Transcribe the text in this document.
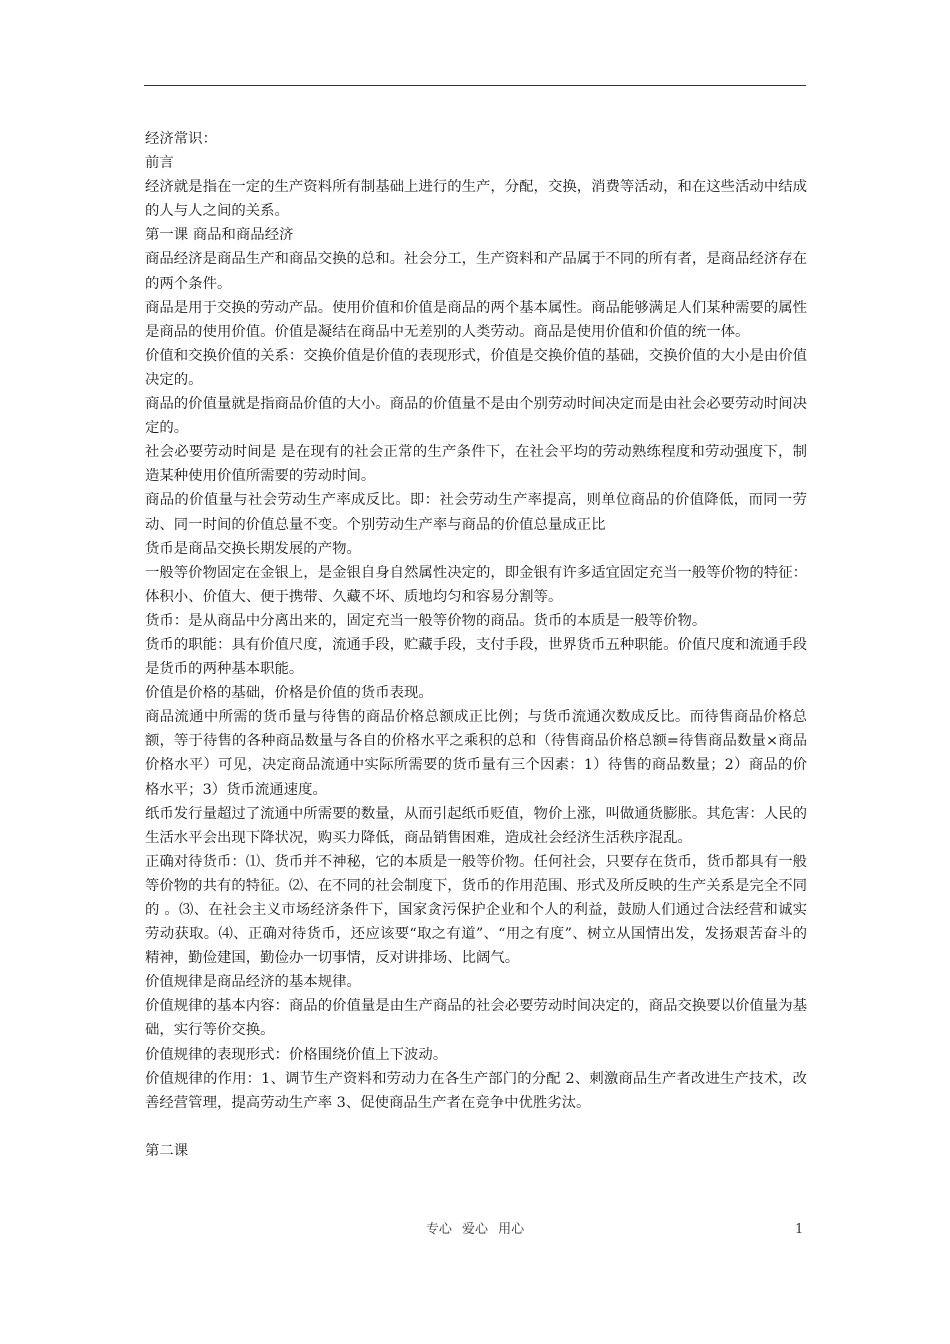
经济常识：

前言

经济就是指在一定的生产资料所有制基础上进行的生产，分配，交换，消费等活动，和在这些活动中结成的人与人之间的关系。

第一课 商品和商品经济

商品经济是商品生产和商品交换的总和。社会分工，生产资料和产品属于不同的所有者，是商品经济存在的两个条件。

商品是用于交换的劳动产品。使用价值和价值是商品的两个基本属性。商品能够满足人们某种需要的属性是商品的使用价值。价值是凝结在商品中无差别的人类劳动。商品是使用价值和价值的统一体。

价值和交换价值的关系：交换价值是价值的表现形式，价值是交换价值的基础，交换价值的大小是由价值决定的。

商品的价值量就是指商品价值的大小。商品的价值量不是由个别劳动时间决定而是由社会必要劳动时间决定的。

社会必要劳动时间是 是在现有的社会正常的生产条件下，在社会平均的劳动熟练程度和劳动强度下，制造某种使用价值所需要的劳动时间。

商品的价值量与社会劳动生产率成反比。即：社会劳动生产率提高，则单位商品的价值降低，而同一劳动、同一时间的价值总量不变。个别劳动生产率与商品的价值总量成正比

货币是商品交换长期发展的产物。

一般等价物固定在金银上，是金银自身自然属性决定的，即金银有许多适宜固定充当一般等价物的特征：体积小、价值大、便于携带、久藏不坏、质地均匀和容易分割等。

货币：是从商品中分离出来的，固定充当一般等价物的商品。货币的本质是一般等价物。

货币的职能：具有价值尺度，流通手段，贮藏手段，支付手段，世界货币五种职能。价值尺度和流通手段是货币的两种基本职能。

价值是价格的基础，价格是价值的货币表现。

商品流通中所需的货币量与待售的商品价格总额成正比例；与货币流通次数成反比。而待售商品价格总额，等于待售的各种商品数量与各自的价格水平之乘积的总和（待售商品价格总额=待售商品数量×商品价格水平）可见，决定商品流通中实际所需要的货币量有三个因素：1）待售的商品数量；2）商品的价格水平；3）货币流通速度。

纸币发行量超过了流通中所需要的数量，从而引起纸币贬值，物价上涨，叫做通货膨胀。其危害：人民的生活水平会出现下降状况，购买力降低，商品销售困难，造成社会经济生活秩序混乱。

正确对待货币：⑴、货币并不神秘，它的本质是一般等价物。任何社会，只要存在货币，货币都具有一般等价物的共有的特征。⑵、在不同的社会制度下，货币的作用范围、形式及所反映的生产关系是完全不同的 。⑶、在社会主义市场经济条件下，国家贪污保护企业和个人的利益，鼓励人们通过合法经营和诚实劳动获取。⑷、正确对待货币，还应该要“取之有道”、“用之有度”、树立从国情出发，发扬艰苦奋斗的精神，勤俭建国，勤俭办一切事情，反对讲排场、比阔气。

价值规律是商品经济的基本规律。

价值规律的基本内容：商品的价值量是由生产商品的社会必要劳动时间决定的，商品交换要以价值量为基础，实行等价交换。

价值规律的表现形式：价格围绕价值上下波动。

价值规律的作用：1、调节生产资料和劳动力在各生产部门的分配 2、刺激商品生产者改进生产技术，改善经营管理，提高劳动生产率 3、促使商品生产者在竞争中优胜劣汰。

第二课

专心 爱心 用心	1
